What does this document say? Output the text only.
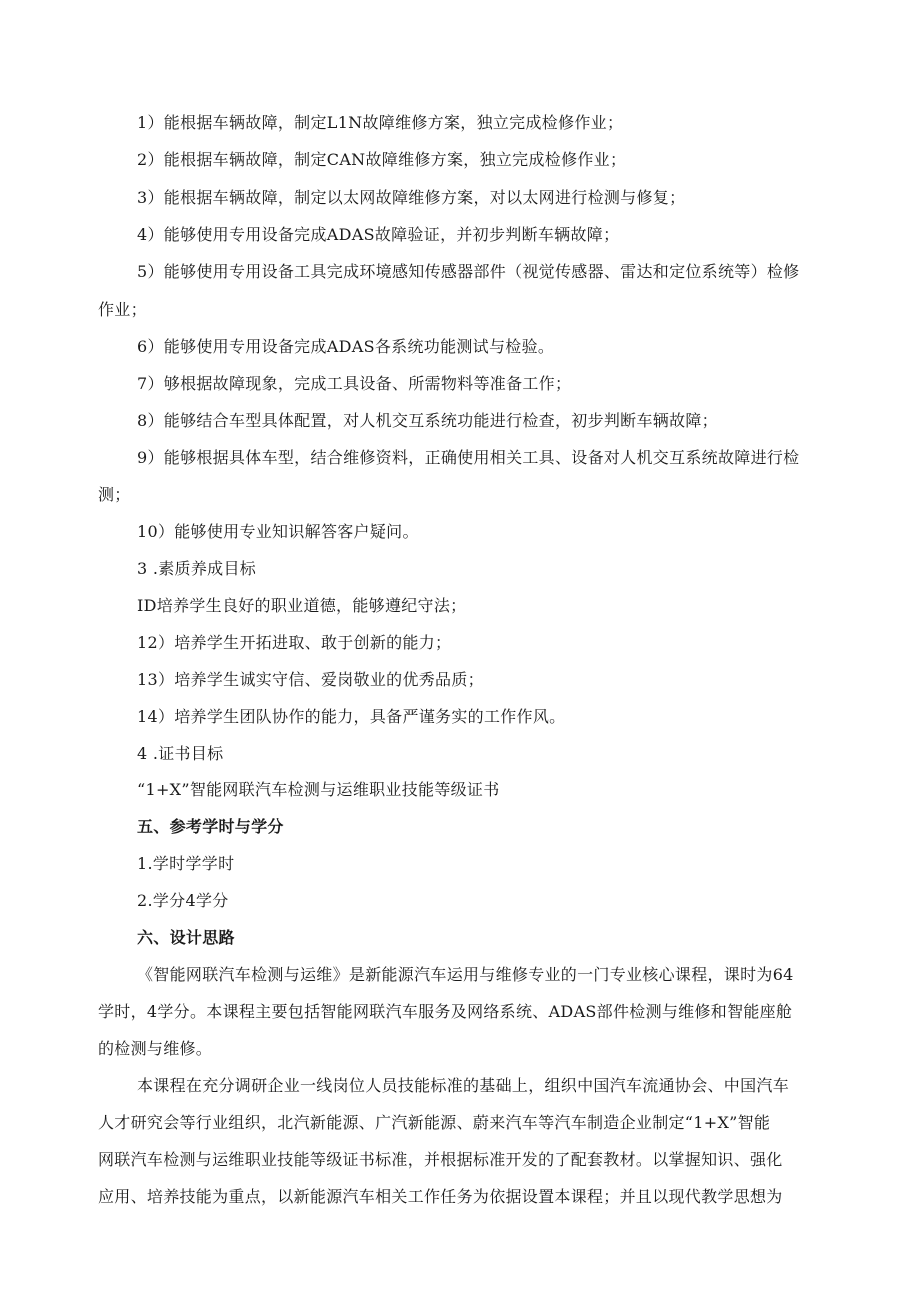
1）能根据车辆故障，制定L1N故障维修方案，独立完成检修作业；
2）能根据车辆故障，制定CAN故障维修方案，独立完成检修作业；
3）能根据车辆故障，制定以太网故障维修方案，对以太网进行检测与修复；
4）能够使用专用设备完成ADAS故障验证，并初步判断车辆故障；
5）能够使用专用设备工具完成环境感知传感器部件（视觉传感器、雷达和定位系统等）检修
作业；
6）能够使用专用设备完成ADAS各系统功能测试与检验。
7）够根据故障现象，完成工具设备、所需物料等准备工作；
8）能够结合车型具体配置，对人机交互系统功能进行检查，初步判断车辆故障；
9）能够根据具体车型，结合维修资料，正确使用相关工具、设备对人机交互系统故障进行检
测；
10）能够使用专业知识解答客户疑问。
3 .素质养成目标
ID培养学生良好的职业道德，能够遵纪守法；
12）培养学生开拓进取、敢于创新的能力；
13）培养学生诚实守信、爱岗敬业的优秀品质；
14）培养学生团队协作的能力，具备严谨务实的工作作风。
4 .证书目标
“1+X”智能网联汽车检测与运维职业技能等级证书
五、参考学时与学分
1.学时学学时
2.学分4学分
六、设计思路
《智能网联汽车检测与运维》是新能源汽车运用与维修专业的一门专业核心课程，课时为64
学时，4学分。本课程主要包括智能网联汽车服务及网络系统、ADAS部件检测与维修和智能座舱
的检测与维修。
本课程在充分调研企业一线岗位人员技能标准的基础上，组织中国汽车流通协会、中国汽车
人才研究会等行业组织，北汽新能源、广汽新能源、蔚来汽车等汽车制造企业制定“1+X”智能
网联汽车检测与运维职业技能等级证书标准，并根据标准开发的了配套教材。以掌握知识、强化
应用、培养技能为重点，以新能源汽车相关工作任务为依据设置本课程；并且以现代教学思想为
